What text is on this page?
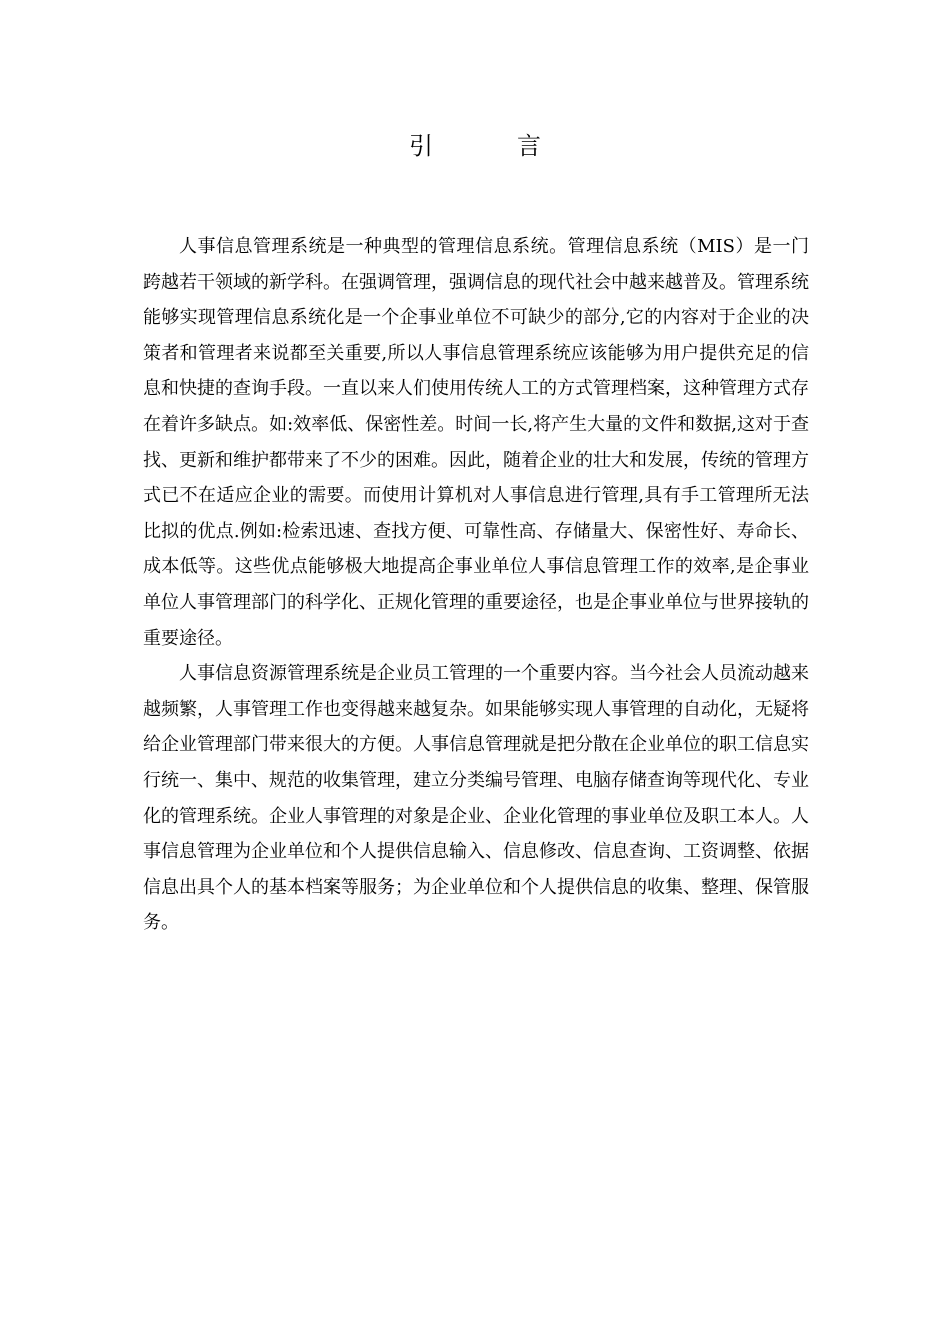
引　言

人事信息管理系统是一种典型的管理信息系统。管理信息系统（MIS）是一门跨越若干领域的新学科。在强调管理，强调信息的现代社会中越来越普及。管理系统能够实现管理信息系统化是一个企事业单位不可缺少的部分,它的内容对于企业的决策者和管理者来说都至关重要,所以人事信息管理系统应该能够为用户提供充足的信息和快捷的查询手段。一直以来人们使用传统人工的方式管理档案，这种管理方式存在着许多缺点。如:效率低、保密性差。时间一长,将产生大量的文件和数据,这对于查找、更新和维护都带来了不少的困难。因此，随着企业的壮大和发展，传统的管理方式已不在适应企业的需要。而使用计算机对人事信息进行管理,具有手工管理所无法比拟的优点.例如:检索迅速、查找方便、可靠性高、存储量大、保密性好、寿命长、成本低等。这些优点能够极大地提高企事业单位人事信息管理工作的效率,是企事业单位人事管理部门的科学化、正规化管理的重要途径，也是企事业单位与世界接轨的重要途径。

人事信息资源管理系统是企业员工管理的一个重要内容。当今社会人员流动越来越频繁，人事管理工作也变得越来越复杂。如果能够实现人事管理的自动化，无疑将给企业管理部门带来很大的方便。人事信息管理就是把分散在企业单位的职工信息实行统一、集中、规范的收集管理，建立分类编号管理、电脑存储查询等现代化、专业化的管理系统。企业人事管理的对象是企业、企业化管理的事业单位及职工本人。人事信息管理为企业单位和个人提供信息输入、信息修改、信息查询、工资调整、依据信息出具个人的基本档案等服务；为企业单位和个人提供信息的收集、整理、保管服务。
